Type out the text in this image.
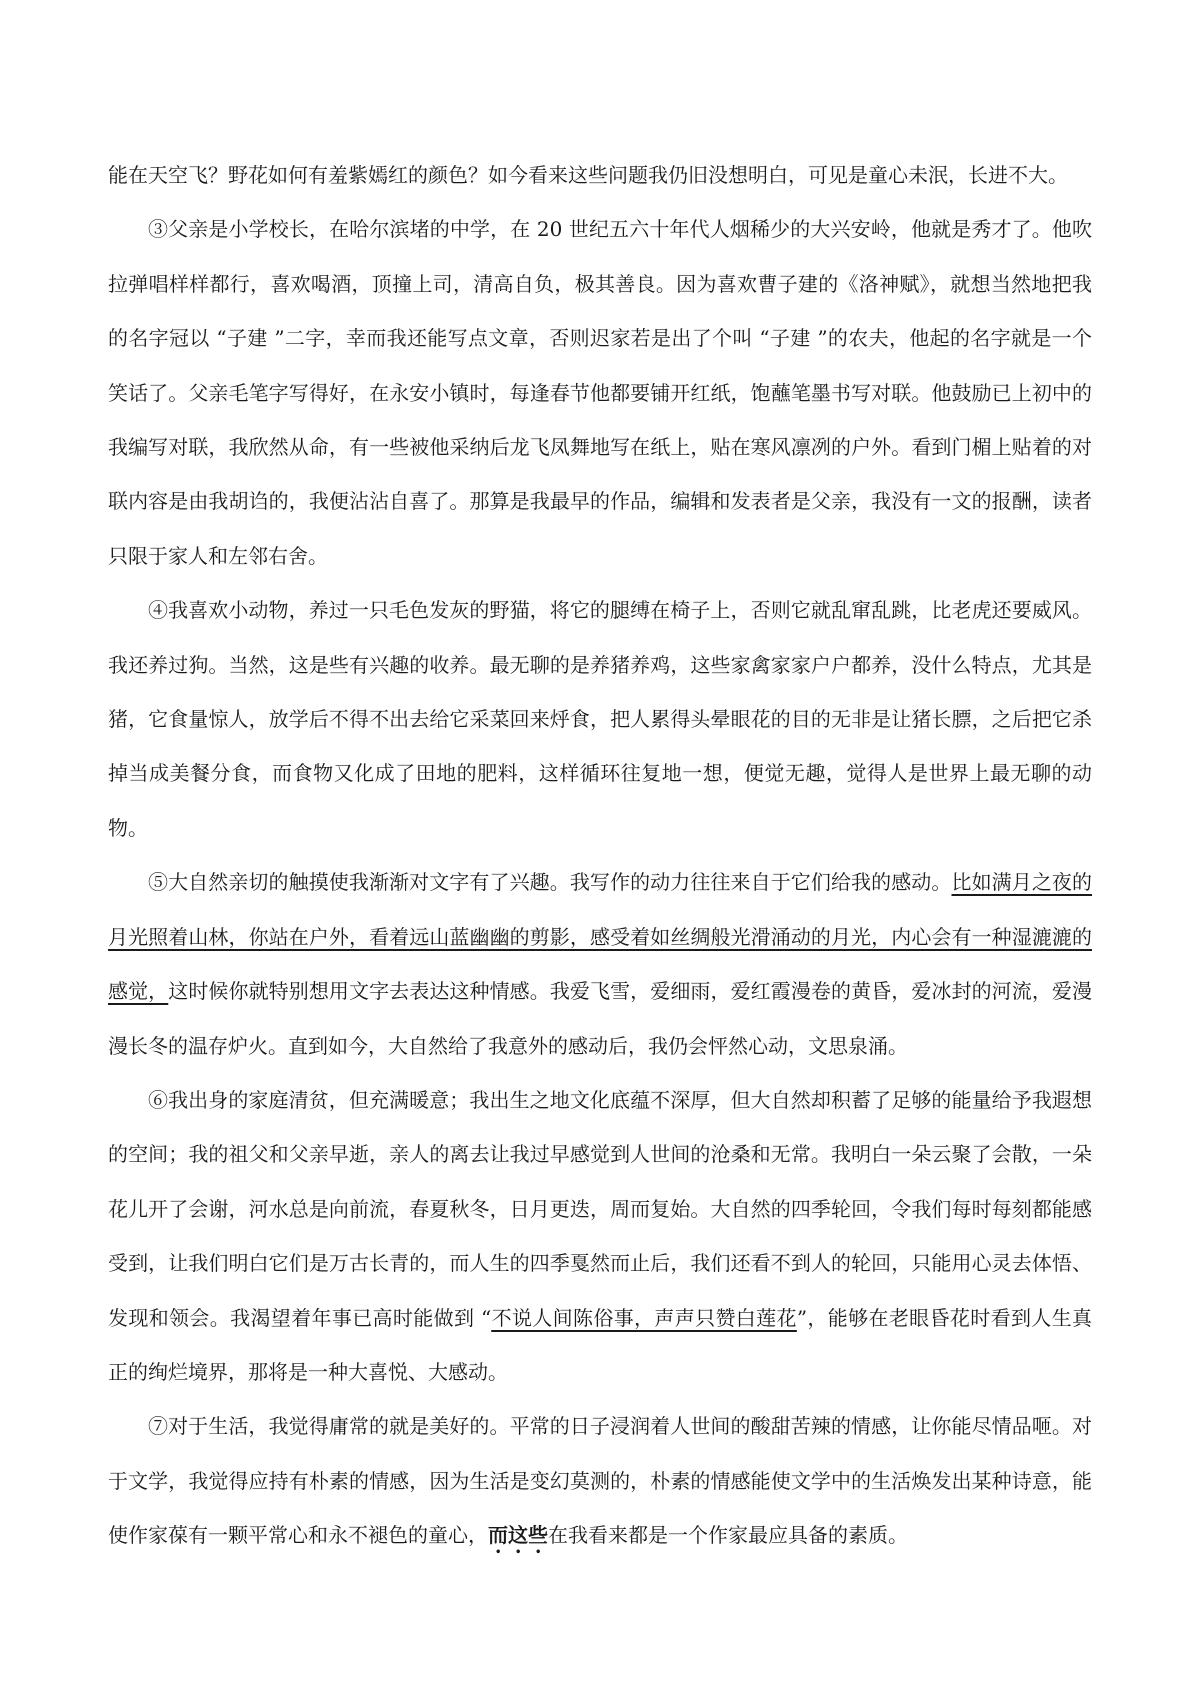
能在天空飞？野花如何有羞紫嫣红的颜色？如今看来这些问题我仍旧没想明白，可见是童心未泯，长进不大。

③父亲是小学校长，在哈尔滨堵的中学，在 20 世纪五六十年代人烟稀少的大兴安岭，他就是秀才了。他吹拉弹唱样样都行，喜欢喝酒，顶撞上司，清高自负，极其善良。因为喜欢曹子建的《洛神赋》，就想当然地把我的名字冠以 “子建 ”二字，幸而我还能写点文章，否则迟家若是出了个叫 “子建 ”的农夫，他起的名字就是一个笑话了。父亲毛笔字写得好，在永安小镇时，每逢春节他都要铺开红纸，饱蘸笔墨书写对联。他鼓励已上初中的我编写对联，我欣然从命，有一些被他采纳后龙飞凤舞地写在纸上，贴在寒风凛冽的户外。看到门楣上贴着的对联内容是由我胡诌的，我便沾沾自喜了。那算是我最早的作品，编辑和发表者是父亲，我没有一文的报酬，读者只限于家人和左邻右舍。

④我喜欢小动物，养过一只毛色发灰的野猫，将它的腿缚在椅子上，否则它就乱窜乱跳，比老虎还要威风。我还养过狗。当然，这是些有兴趣的收养。最无聊的是养猪养鸡，这些家禽家家户户都养，没什么特点，尤其是猪，它食量惊人，放学后不得不出去给它采菜回来烀食，把人累得头晕眼花的目的无非是让猪长膘，之后把它杀掉当成美餐分食，而食物又化成了田地的肥料，这样循环往复地一想，便觉无趣，觉得人是世界上最无聊的动物。

⑤大自然亲切的触摸使我渐渐对文字有了兴趣。我写作的动力往往来自于它们给我的感动。比如满月之夜的月光照着山林，你站在户外，看着远山蓝幽幽的剪影，感受着如丝绸般光滑涌动的月光，内心会有一种湿漉漉的感觉，这时候你就特别想用文字去表达这种情感。我爱飞雪，爱细雨，爱红霞漫卷的黄昏，爱冰封的河流，爱漫漫长冬的温存炉火。直到如今，大自然给了我意外的感动后，我仍会怦然心动，文思泉涌。

⑥我出身的家庭清贫，但充满暖意；我出生之地文化底蕴不深厚，但大自然却积蓄了足够的能量给予我遐想的空间；我的祖父和父亲早逝，亲人的离去让我过早感觉到人世间的沧桑和无常。我明白一朵云聚了会散，一朵花儿开了会谢，河水总是向前流，春夏秋冬，日月更迭，周而复始。大自然的四季轮回，令我们每时每刻都能感受到，让我们明白它们是万古长青的，而人生的四季戛然而止后，我们还看不到人的轮回，只能用心灵去体悟、发现和领会。我渴望着年事已高时能做到 “不说人间陈俗事，声声只赞白莲花”，能够在老眼昏花时看到人生真正的绚烂境界，那将是一种大喜悦、大感动。

⑦对于生活，我觉得庸常的就是美好的。平常的日子浸润着人世间的酸甜苦辣的情感，让你能尽情品咂。对于文学，我觉得应持有朴素的情感，因为生活是变幻莫测的，朴素的情感能使文学中的生活焕发出某种诗意，能使作家葆有一颗平常心和永不褪色的童心，而这些在我看来都是一个作家最应具备的素质。
